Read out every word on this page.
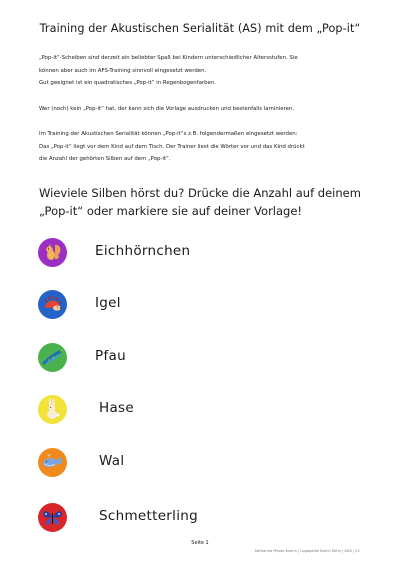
Training der Akustischen Serialität (AS) mit dem „Pop-it“
„Pop-it“-Scheiben sind derzeit ein beliebter Spaß bei Kindern unterschiedlicher Altersstufen. Sie
können aber auch im AFS-Training sinnvoll eingesetzt werden.
Gut geeignet ist ein quadratisches „Pop-it“ in Regenbogenfarben.
Wer (noch) kein „Pop-it“ hat, der kann sich die Vorlage ausdrucken und bestenfalls laminieren.
Im Training der Akustischen Serialität können „Pop-it“s z.B. folgendermaßen eingesetzt werden:
Das „Pop-it“ liegt vor dem Kind auf dem Tisch. Der Trainer liest die Wörter vor und das Kind drückt
die Anzahl der gehörten Silben auf dem „Pop-it“.
Wieviele Silben hörst du? Drücke die Anzahl auf deinem
„Pop-it“ oder markiere sie auf deiner Vorlage!
Eichhörnchen
Igel
Pfau
Hase
Wal
Schmetterling
Seite 1
Katharina Pieper-Kuehn | Logopädie Katrin Kühn | ADS | 01
